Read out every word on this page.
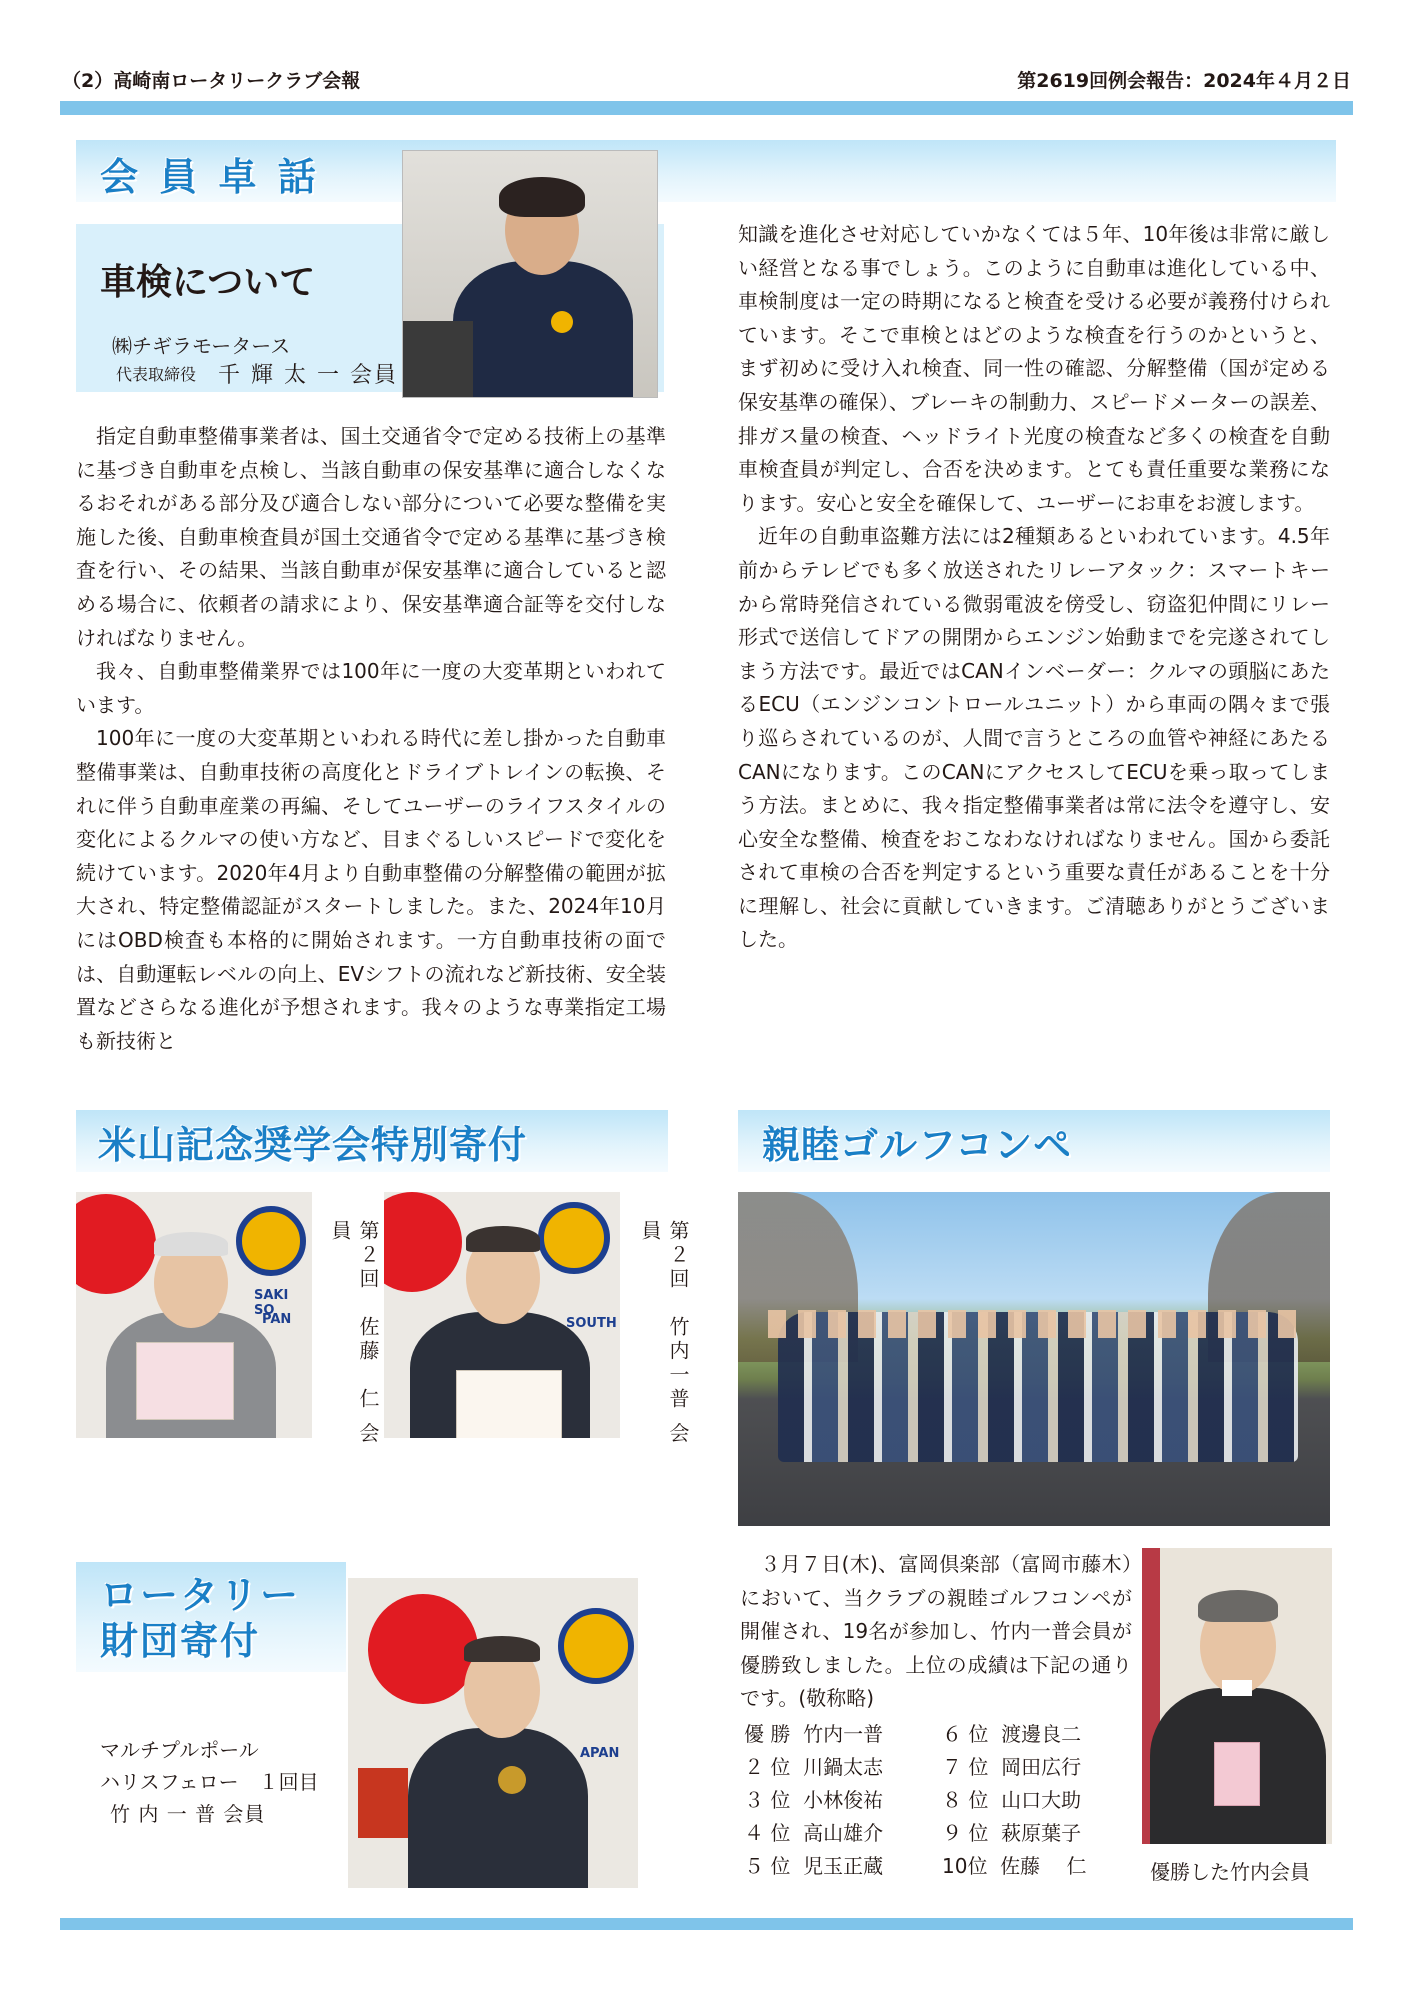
（2）高崎南ロータリークラブ会報	第2619回例会報告：2024年４月２日
会 員 卓 話
車検について
㈱チギラモータース
代表取締役 千 輝 太 一 会員

指定自動車整備事業者は、国土交通省令で定める技術上の基準に基づき自動車を点検し、当該自動車の保安基準に適合しなくなるおそれがある部分及び適合しない部分について必要な整備を実施した後、自動車検査員が国土交通省令で定める基準に基づき検査を行い、その結果、当該自動車が保安基準に適合していると認める場合に、依頼者の請求により、保安基準適合証等を交付しなければなりません。

我々、自動車整備業界では100年に一度の大変革期といわれています。

100年に一度の大変革期といわれる時代に差し掛かった自動車整備事業は、自動車技術の高度化とドライブトレインの転換、それに伴う自動車産業の再編、そしてユーザーのライフスタイルの変化によるクルマの使い方など、目まぐるしいスピードで変化を続けています。2020年4月より自動車整備の分解整備の範囲が拡大され、特定整備認証がスタートしました。また、2024年10月にはOBD検査も本格的に開始されます。一方自動車技術の面では、自動運転レベルの向上、EVシフトの流れなど新技術、安全装置などさらなる進化が予想されます。我々のような専業指定工場も新技術と

知識を進化させ対応していかなくては５年、10年後は非常に厳しい経営となる事でしょう。このように自動車は進化している中、車検制度は一定の時期になると検査を受ける必要が義務付けられています。そこで車検とはどのような検査を行うのかというと、まず初めに受け入れ検査、同一性の確認、分解整備（国が定める保安基準の確保）、ブレーキの制動力、スピードメーターの誤差、排ガス量の検査、ヘッドライト光度の検査など多くの検査を自動車検査員が判定し、合否を決めます。とても責任重要な業務になります。安心と安全を確保して、ユーザーにお車をお渡します。

近年の自動車盗難方法には2種類あるといわれています。4.5年前からテレビでも多く放送されたリレーアタック：スマートキーから常時発信されている微弱電波を傍受し、窃盗犯仲間にリレー形式で送信してドアの開閉からエンジン始動までを完遂されてしまう方法です。最近ではCANインベーダー：クルマの頭脳にあたるECU（エンジンコントロールユニット）から車両の隅々まで張り巡らされているのが、人間で言うところの血管や神経にあたるCANになります。このCANにアクセスしてECUを乗っ取ってしまう方法。まとめに、我々指定整備事業者は常に法令を遵守し、安心安全な整備、検査をおこなわなければなりません。国から委託されて車検の合否を判定するという重要な責任があることを十分に理解し、社会に貢献していきます。ご清聴ありがとうございました。

米山記念奨学会特別寄付
SAKI SO
PAN	第２回　佐藤　仁 会員
SOUTH	第２回　竹内一普 会員
ロータリー
財団寄付
マルチプルポール
ハリスフェロー　１回目
竹 内 一 普 会員
APAN
親睦ゴルフコンペ
３月７日(木)、富岡倶楽部（富岡市藤木）において、当クラブの親睦ゴルフコンペが開催され、19名が参加し、竹内一普会員が優勝致しました。上位の成績は下記の通りです。(敬称略)
優 勝 竹内一普
２ 位 川鍋太志
３ 位 小林俊祐
４ 位 高山雄介
５ 位 児玉正蔵
６ 位 渡邊良二
７ 位 岡田広行
８ 位 山口大助
９ 位 萩原葉子
10位 佐藤　 仁	優勝した竹内会員
